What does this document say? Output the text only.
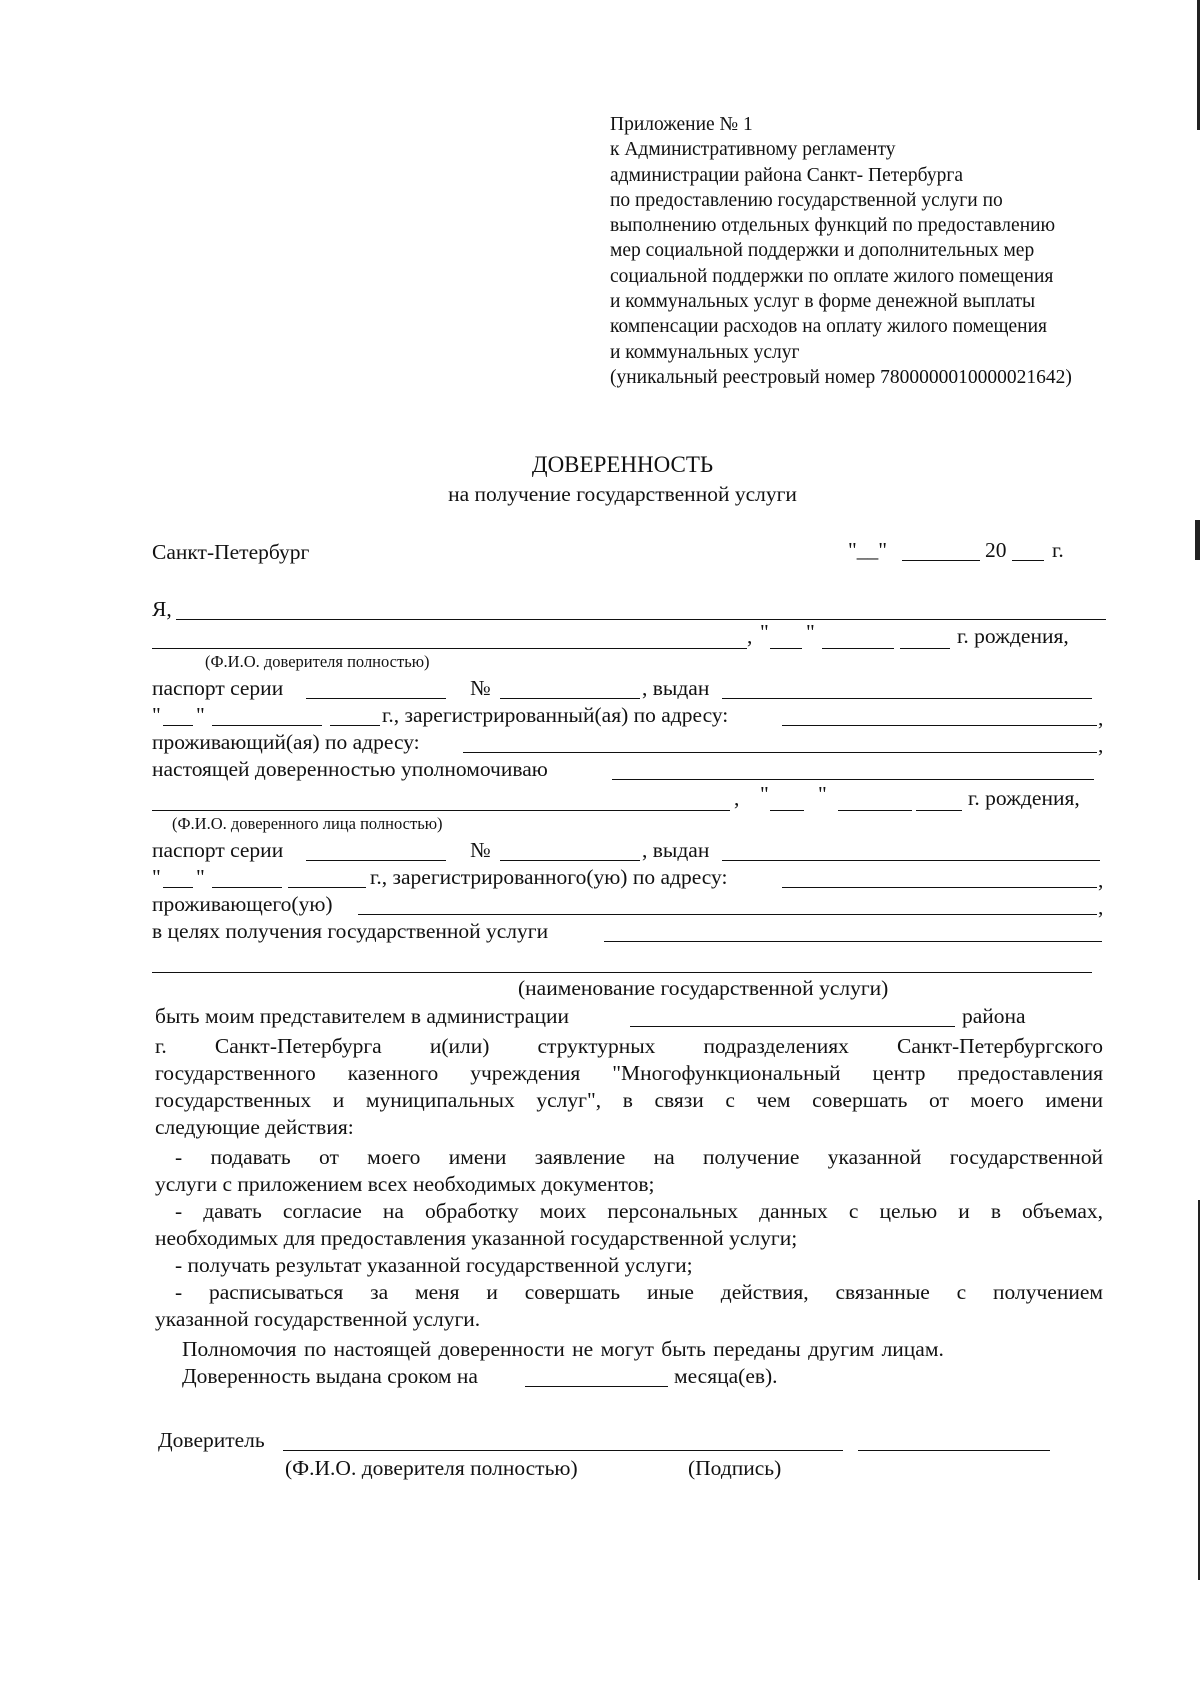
Приложение № 1
к Административному регламенту
администрации района Санкт- Петербурга
по предоставлению государственной услуги по
выполнению отдельных функций по предоставлению
мер социальной поддержки и дополнительных мер
социальной поддержки по оплате жилого помещения
и коммунальных услуг в форме денежной выплаты
компенсации расходов на оплату жилого помещения
и коммунальных услуг
(уникальный реестровый номер 7800000010000021642)
ДОВЕРЕННОСТЬ
на получение государственной услуги
Санкт-Петербург	"__"	20 г.
Я,
, " "	г. рождения,
(Ф.И.О. доверителя полностью)
паспорт серии	№	, выдан
" "	г., зарегистрированный(ая) по адресу:	,
проживающий(ая) по адресу:	,
настоящей доверенностью уполномочиваю
, " "	г. рождения,
(Ф.И.О. доверенного лица полностью)
паспорт серии	№	, выдан
" "	г., зарегистрированного(ую) по адресу:	,
проживающего(ую)	,
в целях получения государственной услуги
(наименование государственной услуги)
быть моим представителем в администрации	района
г. Санкт-Петербурга и(или) структурных подразделениях Санкт-Петербургского
государственного казенного учреждения "Многофункциональный центр предоставления
государственных и муниципальных услуг", в связи с чем совершать от моего имени
следующие действия:
- подавать от моего имени заявление на получение указанной государственной
услуги с приложением всех необходимых документов;
- давать согласие на обработку моих персональных данных с целью и в объемах,
необходимых для предоставления указанной государственной услуги;
- получать результат указанной государственной услуги;
- расписываться за меня и совершать иные действия, связанные с получением
указанной государственной услуги.
Полномочия по настоящей доверенности не могут быть переданы другим лицам.
Доверенность выдана сроком на	месяца(ев).
Доверитель
(Ф.И.О. доверителя полностью)	(Подпись)
